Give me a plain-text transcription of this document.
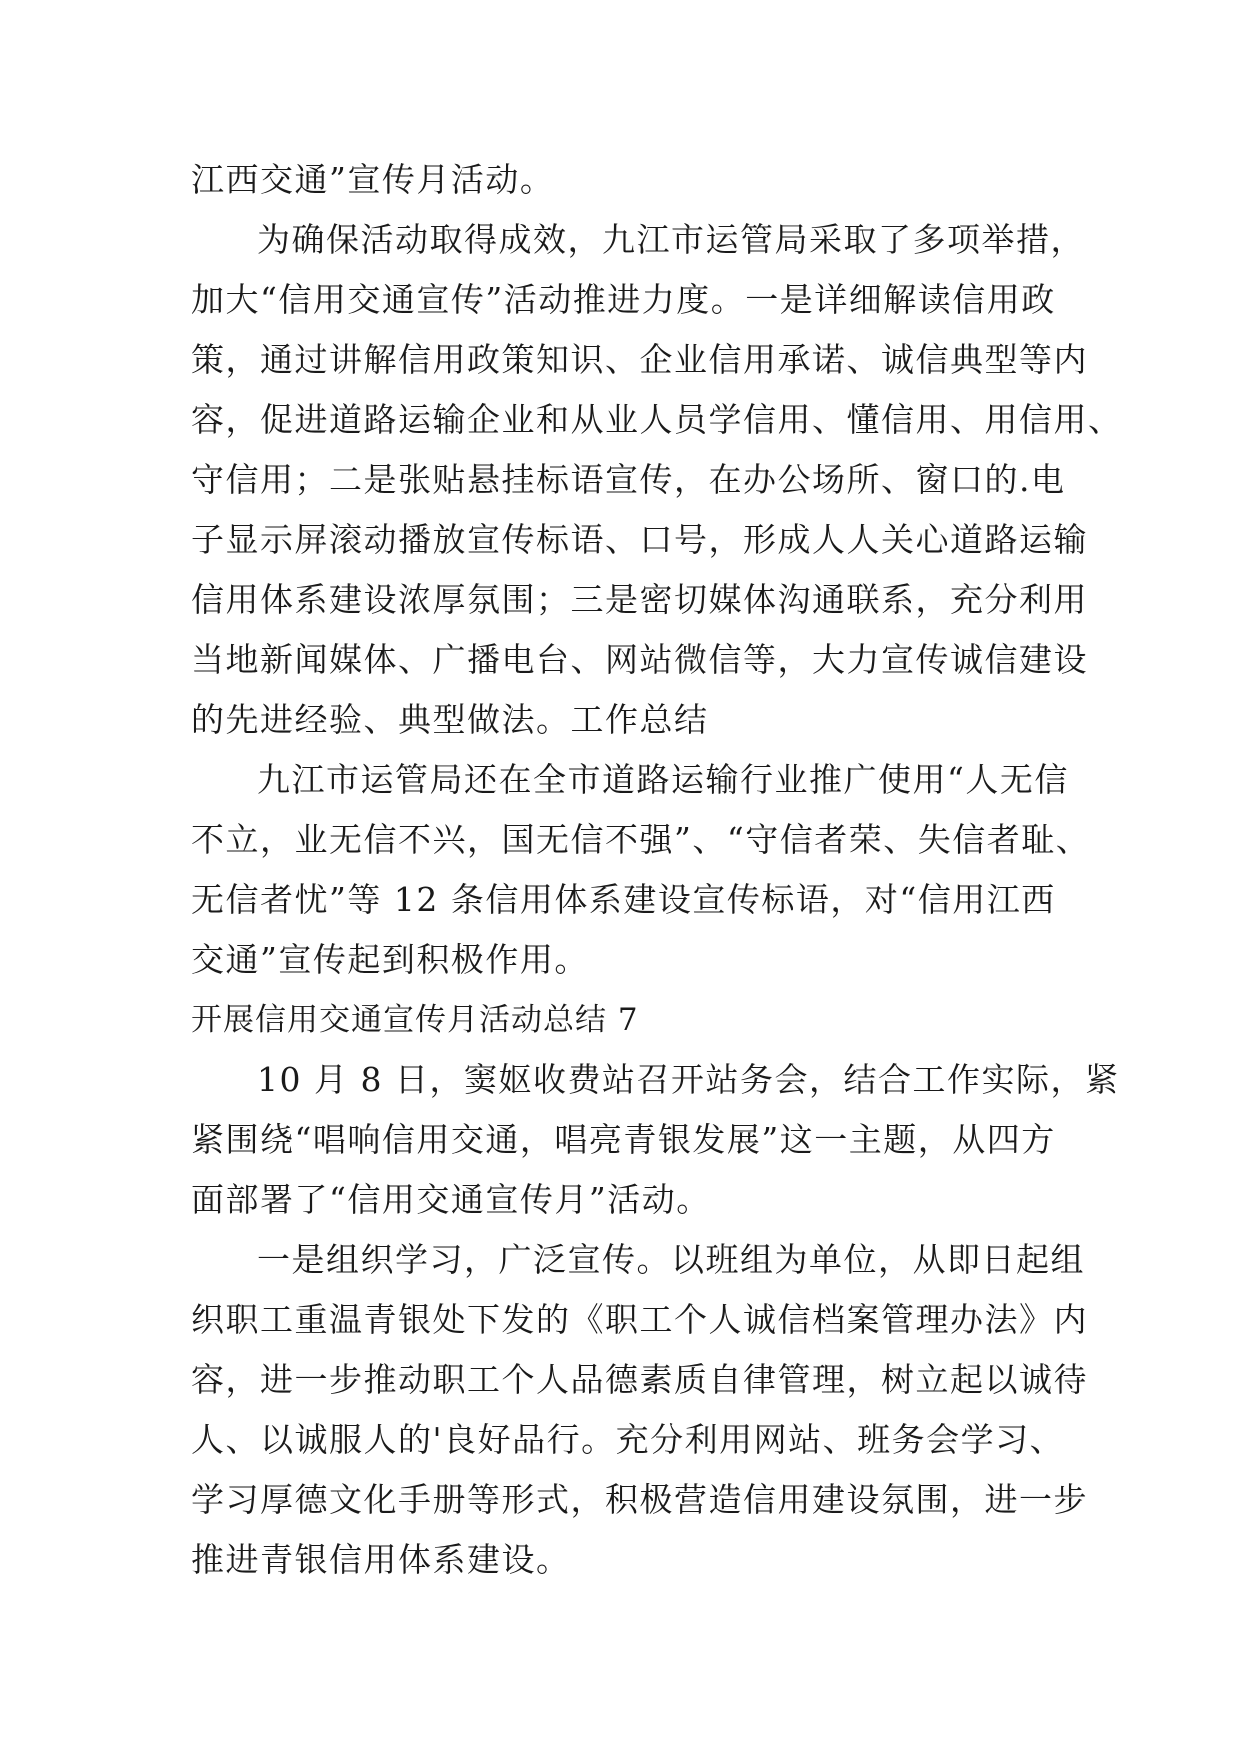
江西交通”宣传月活动。
为确保活动取得成效，九江市运管局采取了多项举措，
加大“信用交通宣传”活动推进力度。一是详细解读信用政
策，通过讲解信用政策知识、企业信用承诺、诚信典型等内
容，促进道路运输企业和从业人员学信用、懂信用、用信用、
守信用；二是张贴悬挂标语宣传，在办公场所、窗口的.电
子显示屏滚动播放宣传标语、口号，形成人人关心道路运输
信用体系建设浓厚氛围；三是密切媒体沟通联系，充分利用
当地新闻媒体、广播电台、网站微信等，大力宣传诚信建设
的先进经验、典型做法。工作总结
九江市运管局还在全市道路运输行业推广使用“人无信
不立，业无信不兴，国无信不强”、“守信者荣、失信者耻、
无信者忧”等 12 条信用体系建设宣传标语，对“信用江西
交通”宣传起到积极作用。
开展信用交通宣传月活动总结 7
10 月 8 日，窦妪收费站召开站务会，结合工作实际，紧
紧围绕“唱响信用交通，唱亮青银发展”这一主题，从四方
面部署了“信用交通宣传月”活动。
一是组织学习，广泛宣传。以班组为单位，从即日起组
织职工重温青银处下发的《职工个人诚信档案管理办法》内
容，进一步推动职工个人品德素质自律管理，树立起以诚待
人、以诚服人的'良好品行。充分利用网站、班务会学习、
学习厚德文化手册等形式，积极营造信用建设氛围，进一步
推进青银信用体系建设。
